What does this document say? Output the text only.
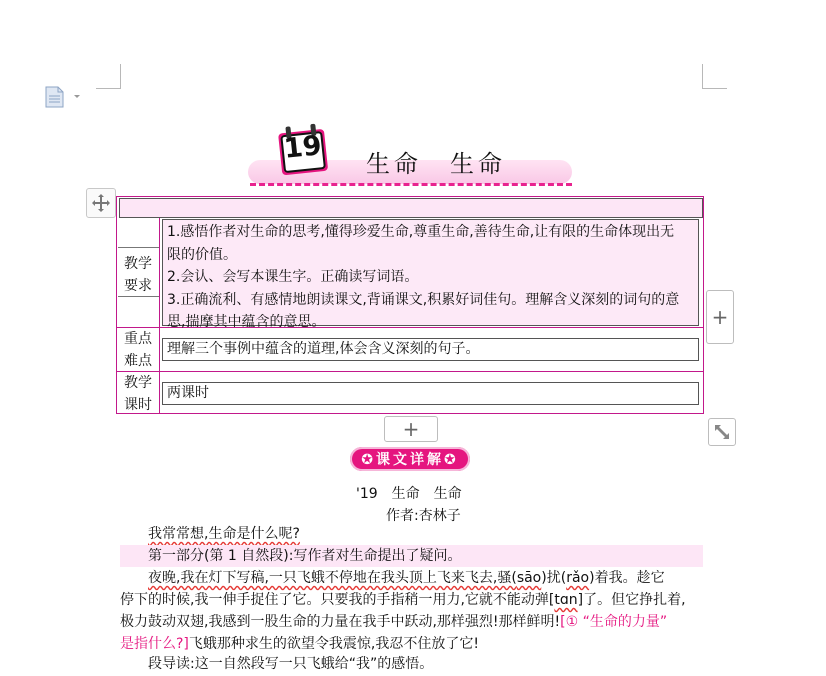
19 生命　生命
教学
要求
1.感悟作者对生命的思考,懂得珍爱生命,尊重生命,善待生命,让有限的生命体现出无
限的价值。
2.会认、会写本课生字。正确读写词语。
3.正确流利、有感情地朗读课文,背诵课文,积累好词佳句。理解含义深刻的词句的意
思,揣摩其中蕴含的意思。
重点
难点
理解三个事例中蕴含的道理,体会含义深刻的句子。
教学
课时
两课时
+
+
✪课文详解✪
'19　生命　生命
作者:杏林子
我常常想,生命是什么呢?
第一部分(第 1 自然段):写作者对生命提出了疑问。
夜晚,我在灯下写稿,一只飞蛾不停地在我头顶上飞来飞去,骚(sāo)扰(rǎo)着我。趁它
停下的时候,我一伸手捉住了它。只要我的手指稍一用力,它就不能动弹[tɑn]了。但它挣扎着,
极力鼓动双翅,我感到一股生命的力量在我手中跃动,那样强烈!那样鲜明![① “生命的力量”
是指什么?]飞蛾那种求生的欲望令我震惊,我忍不住放了它!
段导读:这一自然段写一只飞蛾给“我”的感悟。
